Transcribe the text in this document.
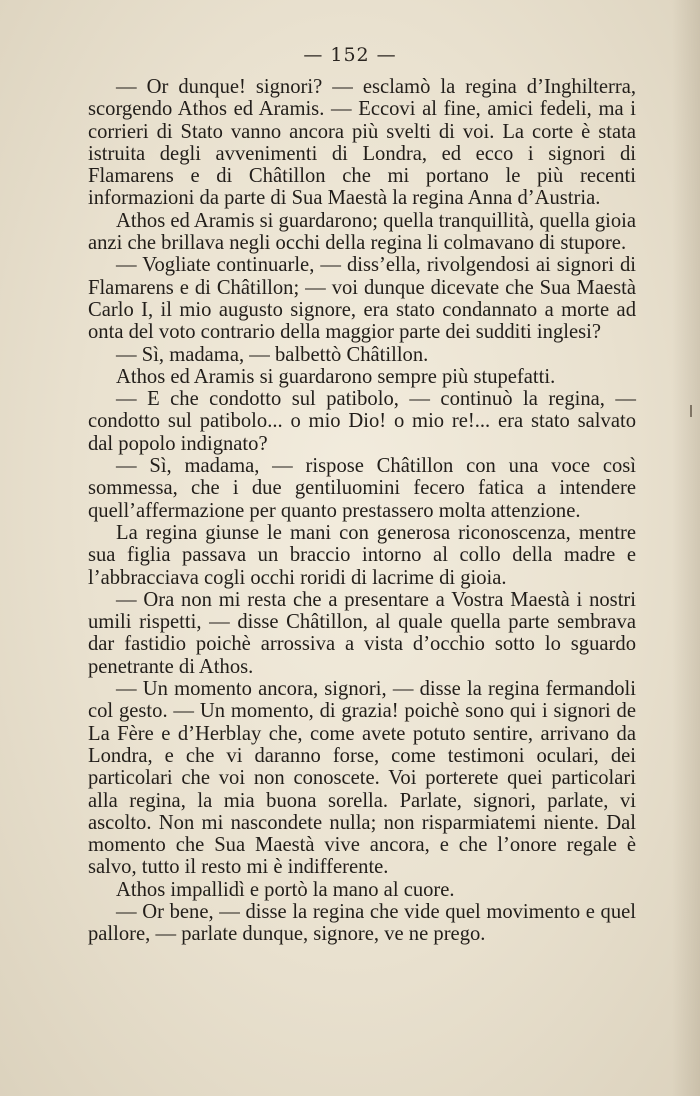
— 152 —

— Or dunque! signori? — esclamò la regina d’Inghilterra, scorgendo Athos ed Aramis. — Eccovi al fine, amici fedeli, ma i corrieri di Stato vanno ancora più svelti di voi. La corte è stata istruita degli avvenimenti di Londra, ed ecco i signori di Flamarens e di Châtillon che mi portano le più recenti informazioni da parte di Sua Maestà la regina Anna d’Austria.

Athos ed Aramis si guardarono; quella tranquillità, quella gioia anzi che brillava negli occhi della regina li colmavano di stupore.

— Vogliate continuarle, — diss’ella, rivolgendosi ai signori di Flamarens e di Châtillon; — voi dunque dicevate che Sua Maestà Carlo I, il mio augusto signore, era stato condannato a morte ad onta del voto contrario della maggior parte dei sudditi inglesi?

— Sì, madama, — balbettò Châtillon.

Athos ed Aramis si guardarono sempre più stupefatti.

— E che condotto sul patibolo, — continuò la regina, — condotto sul patibolo... o mio Dio! o mio re!... era stato salvato dal popolo indignato?

— Sì, madama, — rispose Châtillon con una voce così sommessa, che i due gentiluomini fecero fatica a intendere quell’affermazione per quanto prestassero molta attenzione.

La regina giunse le mani con generosa riconoscenza, mentre sua figlia passava un braccio intorno al collo della madre e l’abbracciava cogli occhi roridi di lacrime di gioia.

— Ora non mi resta che a presentare a Vostra Maestà i nostri umili rispetti, — disse Châtillon, al quale quella parte sembrava dar fastidio poichè arrossiva a vista d’occhio sotto lo sguardo penetrante di Athos.

— Un momento ancora, signori, — disse la regina fermandoli col gesto. — Un momento, di grazia! poichè sono qui i signori de La Fère e d’Herblay che, come avete potuto sentire, arrivano da Londra, e che vi daranno forse, come testimoni oculari, dei particolari che voi non conoscete. Voi porterete quei particolari alla regina, la mia buona sorella. Parlate, signori, parlate, vi ascolto. Non mi nascondete nulla; non risparmiatemi niente. Dal momento che Sua Maestà vive ancora, e che l’onore regale è salvo, tutto il resto mi è indifferente.

Athos impallidì e portò la mano al cuore.

— Or bene, — disse la regina che vide quel movimento e quel pallore, — parlate dunque, signore, ve ne prego.
